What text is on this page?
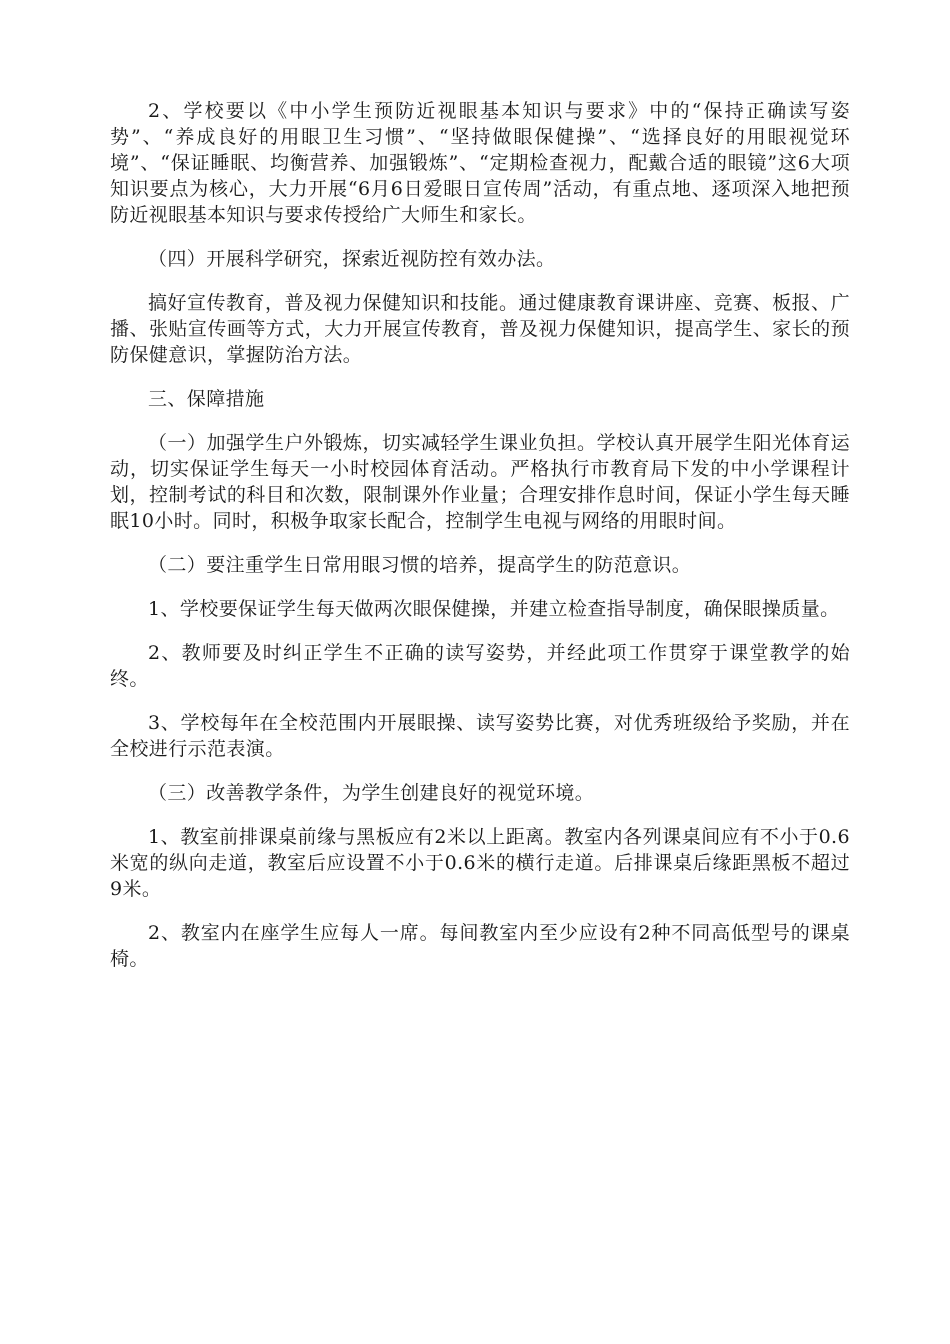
2、学校要以《中小学生预防近视眼基本知识与要求》中的“保持正确读写姿势”、“养成良好的用眼卫生习惯”、“坚持做眼保健操”、“选择良好的用眼视觉环境”、“保证睡眠、均衡营养、加强锻炼”、“定期检查视力，配戴合适的眼镜”这6大项知识要点为核心，大力开展“6月6日爱眼日宣传周”活动，有重点地、逐项深入地把预防近视眼基本知识与要求传授给广大师生和家长。

（四）开展科学研究，探索近视防控有效办法。

搞好宣传教育，普及视力保健知识和技能。通过健康教育课讲座、竞赛、板报、广播、张贴宣传画等方式，大力开展宣传教育，普及视力保健知识，提高学生、家长的预防保健意识，掌握防治方法。

三、保障措施

（一）加强学生户外锻炼，切实减轻学生课业负担。学校认真开展学生阳光体育运动，切实保证学生每天一小时校园体育活动。严格执行市教育局下发的中小学课程计划，控制考试的科目和次数，限制课外作业量；合理安排作息时间，保证小学生每天睡眠10小时。同时，积极争取家长配合，控制学生电视与网络的用眼时间。

（二）要注重学生日常用眼习惯的培养，提高学生的防范意识。

1、学校要保证学生每天做两次眼保健操，并建立检查指导制度，确保眼操质量。

2、教师要及时纠正学生不正确的读写姿势，并经此项工作贯穿于课堂教学的始终。

3、学校每年在全校范围内开展眼操、读写姿势比赛，对优秀班级给予奖励，并在全校进行示范表演。

（三）改善教学条件，为学生创建良好的视觉环境。

1、教室前排课桌前缘与黑板应有2米以上距离。教室内各列课桌间应有不小于0.6米宽的纵向走道，教室后应设置不小于0.6米的横行走道。后排课桌后缘距黑板不超过9米。

2、教室内在座学生应每人一席。每间教室内至少应设有2种不同高低型号的课桌椅。
